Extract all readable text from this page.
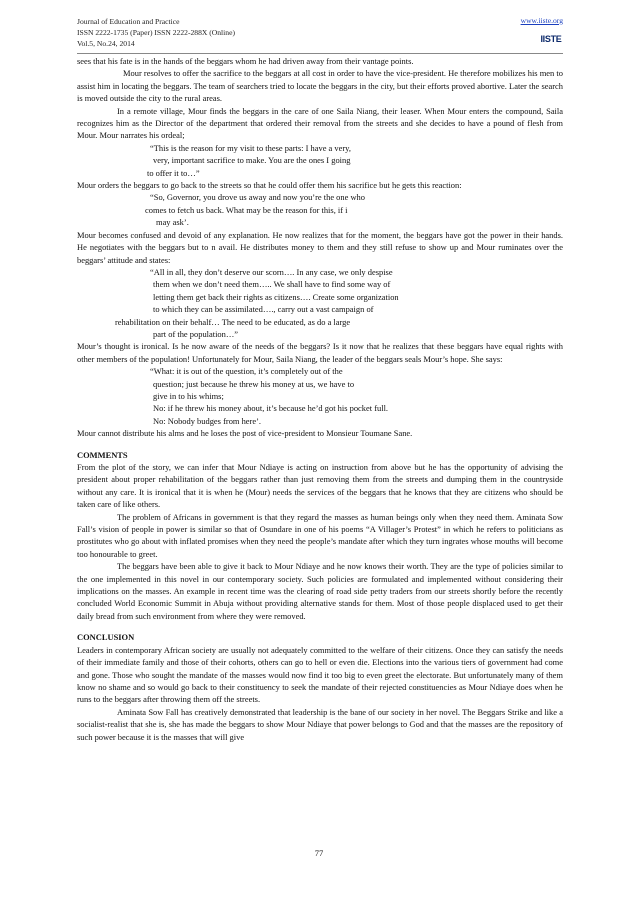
Journal of Education and Practice
ISSN 2222-1735 (Paper) ISSN 2222-288X (Online)
Vol.5, No.24, 2014
www.iiste.org
IISTE

sees that his fate is in the hands of the beggars whom he had driven away from their vantage points.

Mour resolves to offer the sacrifice to the beggars at all cost in order to have the vice-president. He therefore mobilizes his men to assist him in locating the beggars. The team of searchers tried to locate the beggars in the city, but their efforts proved abortive. Later the search is moved outside the city to the rural areas.

In a remote village, Mour finds the beggars in the care of one Saila Niang, their leaser. When Mour enters the compound, Saila recognizes him as the Director of the department that ordered their removal from the streets and she decides to have a pound of flesh from Mour. Mour narrates his ordeal;

“This is the reason for my visit to these parts: I have a very,

very, important sacrifice to make. You are the ones I going

to offer it to…”

Mour orders the beggars to go back to the streets so that he could offer them his sacrifice but he gets this reaction:

“So, Governor, you drove us away and now you’re the one who

comes to fetch us back. What may be the reason for this, if i

may ask’.

Mour becomes confused and devoid of any explanation. He now realizes that for the moment, the beggars have got the power in their hands. He negotiates with the beggars but to n avail. He distributes money to them and they still refuse to show up and Mour ruminates over the beggars’ attitude and states:

“All in all, they don’t deserve our scorn…. In any case, we only despise

them when we don’t need them….. We shall have to find some way of

letting them get back their rights as citizens…. Create some organization

to which they can be assimilated…., carry out a vast campaign of

rehabilitation on their behalf… The need to be educated, as do a large

part of the population…”

Mour’s thought is ironical. Is he now aware of the needs of the beggars? Is it now that he realizes that these beggars have equal rights with other members of the population! Unfortunately for Mour, Saila Niang, the leader of the beggars seals Mour’s hope. She says:

“What: it is out of the question, it’s completely out of the

question; just because he threw his money at us, we have to

give in to his whims;

No: if he threw his money about, it’s because he’d got his pocket full.

No: Nobody budges from here’.

Mour cannot distribute his alms and he loses the post of vice-president to Monsieur Toumane Sane.

COMMENTS

From the plot of the story, we can infer that Mour Ndiaye is acting on instruction from above but he has the opportunity of advising the president about proper rehabilitation of the beggars rather than just removing them from the streets and dumping them in the countryside without any care. It is ironical that it is when he (Mour) needs the services of the beggars that he knows that they are citizens who should be taken care of like others.

The problem of Africans in government is that they regard the masses as human beings only when they need them. Aminata Sow Fall’s vision of people in power is similar so that of Osundare in one of his poems “A Villager’s Protest” in which he refers to politicians as prostitutes who go about with inflated promises when they need the people’s mandate after which they turn ingrates whose mouths will become too honourable to greet.

The beggars have been able to give it back to Mour Ndiaye and he now knows their worth. They are the type of policies similar to the one implemented in this novel in our contemporary society. Such policies are formulated and implemented without considering their implications on the masses. An example in recent time was the clearing of road side petty traders from our streets shortly before the recently concluded World Economic Summit in Abuja without providing alternative stands for them. Most of those people displaced used to get their daily bread from such environment from where they were removed.

CONCLUSION

Leaders in contemporary African society are usually not adequately committed to the welfare of their citizens. Once they can satisfy the needs of their immediate family and those of their cohorts, others can go to hell or even die. Elections into the various tiers of government had come and gone. Those who sought the mandate of the masses would now find it too big to even greet the electorate. But unfortunately many of them know no shame and so would go back to their constituency to seek the mandate of their rejected constituencies as Mour Ndiaye does when he runs to the beggars after throwing them off the streets.

Aminata Sow Fall has creatively demonstrated that leadership is the bane of our society in her novel. The Beggars Strike and like a socialist-realist that she is, she has made the beggars to show Mour Ndiaye that power belongs to God and that the masses are the repository of such power because it is the masses that will give

77
